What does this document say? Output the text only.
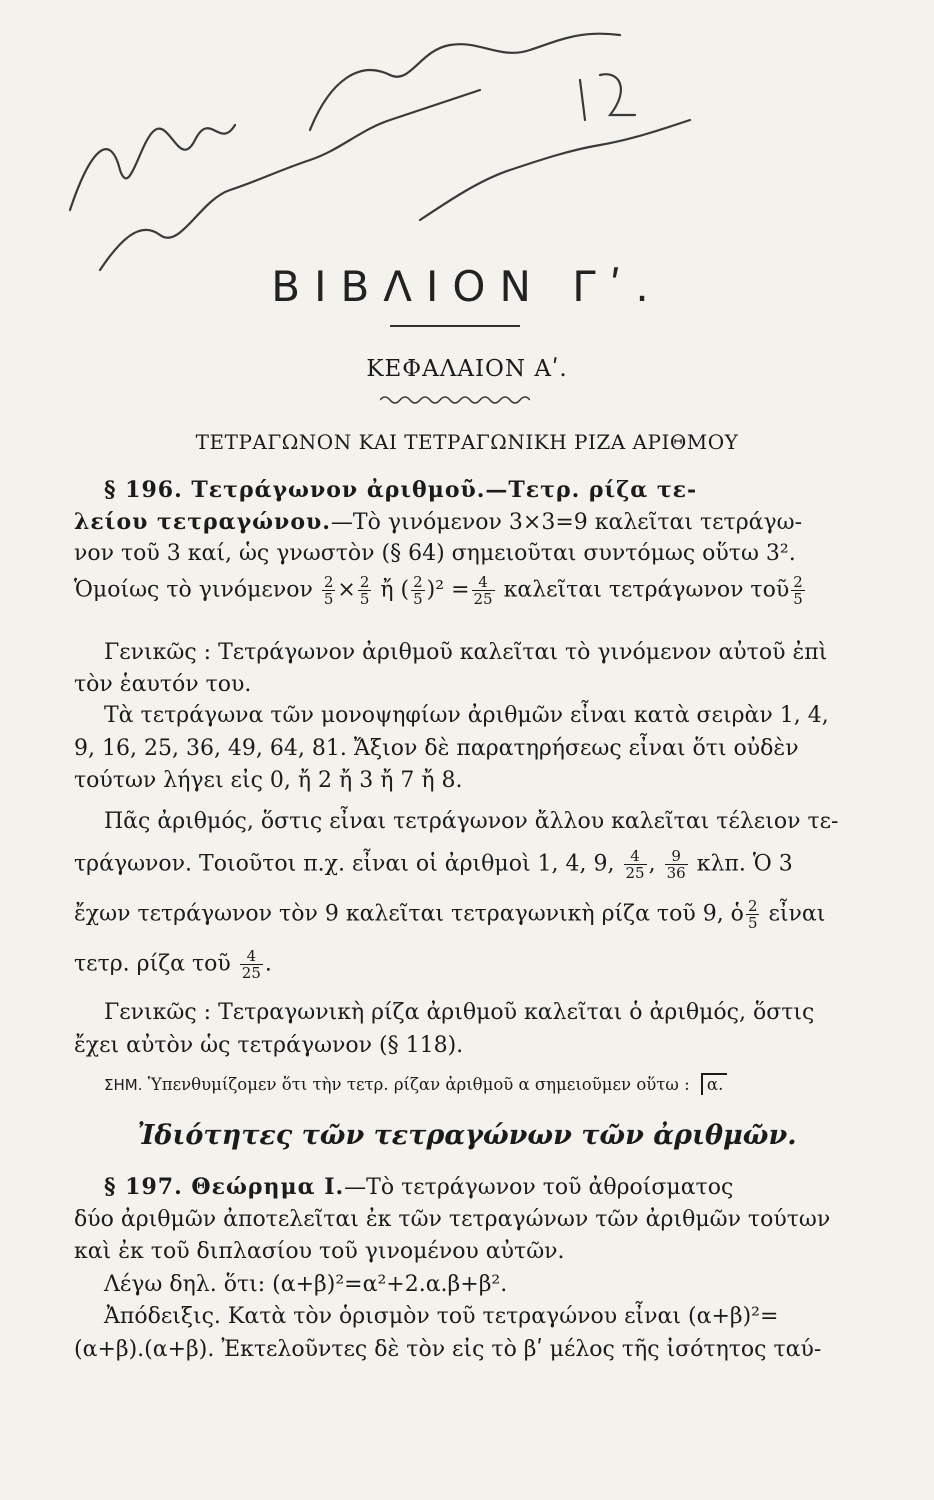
ΒΙΒΛΙΟΝ Γʹ.
ΚΕΦΑΛΑΙΟΝ Αʹ.
ΤΕΤΡΑΓΩΝΟΝ ΚΑΙ ΤΕΤΡΑΓΩΝΙΚΗ ΡΙΖΑ ΑΡΙΘΜΟΥ
§ 196. Τετράγωνον ἀριθμοῦ.—Τετρ. ρίζα τε-
λείου τετραγώνου.—Τὸ γινόμενον 3×3=9 καλεῖται τετράγω-
νον τοῦ 3 καί, ὡς γνωστὸν (§ 64) σημειοῦται συντόμως οὕτω 3².
Ὁμοίως τὸ γινόμενον $\frac{2}{5} \times \frac{2}{5}$ ἤ ( $\frac{2}{5} )^2 = \frac{4}{25}$ καλεῖται τετράγωνον τοῦ $\frac{2}{5}$
Γενικῶς : Τετράγωνον ἀριθμοῦ καλεῖται τὸ γινόμενον αὐτοῦ ἐπὶ
τὸν ἑαυτόν του.
Τὰ τετράγωνα τῶν μονοψηφίων ἀριθμῶν εἶναι κατὰ σειρὰν 1, 4,
9, 16, 25, 36, 49, 64, 81. Ἄξιον δὲ παρατηρήσεως εἶναι ὅτι οὐδὲν
τούτων λήγει εἰς 0, ἤ 2 ἤ 3 ἤ 7 ἤ 8.
Πᾶς ἀριθμός, ὅστις εἶναι τετράγωνον ἄλλου καλεῖται τέλειον τε-
τράγωνον. Τοιοῦτοι π.χ. εἶναι οἱ ἀριθμοὶ 1, 4, 9, $\frac{4}{25}$ , $\frac{9}{36} \kappa\lambda\pi$. Ὁ 3
ἔχων τετράγωνον τὸν 9 καλεῖται τετραγωνικὴ ρίζα τοῦ 9, ὁ $\frac{2}{5}$ εἶναι
τετρ. ρίζα τοῦ $\frac{4}{25}$ .
Γενικῶς : Τετραγωνικὴ ρίζα ἀριθμοῦ καλεῖται ὁ ἀριθμός, ὅστις
ἔχει αὐτὸν ὡς τετράγωνον (§ 118).
ΣΗΜ. Ὑπενθυμίζομεν ὅτι τὴν τετρ. ρίζαν ἀριθμοῦ α σημειοῦμεν οὕτω : α.
Ἰδιότητες τῶν τετραγώνων τῶν ἀριθμῶν.
§ 197. Θεώρημα I.—Τὸ τετράγωνον τοῦ ἀθροίσματος
δύο ἀριθμῶν ἀποτελεῖται ἐκ τῶν τετραγώνων τῶν ἀριθμῶν τούτων
καὶ ἐκ τοῦ διπλασίου τοῦ γινομένου αὐτῶν.
Λέγω δηλ. ὅτι: (α+β)²=α²+2.α.β+β².
Ἀπόδειξις. Κατὰ τὸν ὁρισμὸν τοῦ τετραγώνου εἶναι (α+β)²=
(α+β).(α+β). Ἐκτελοῦντες δὲ τὸν εἰς τὸ βʹ μέλος τῆς ἰσότητος ταύ-
